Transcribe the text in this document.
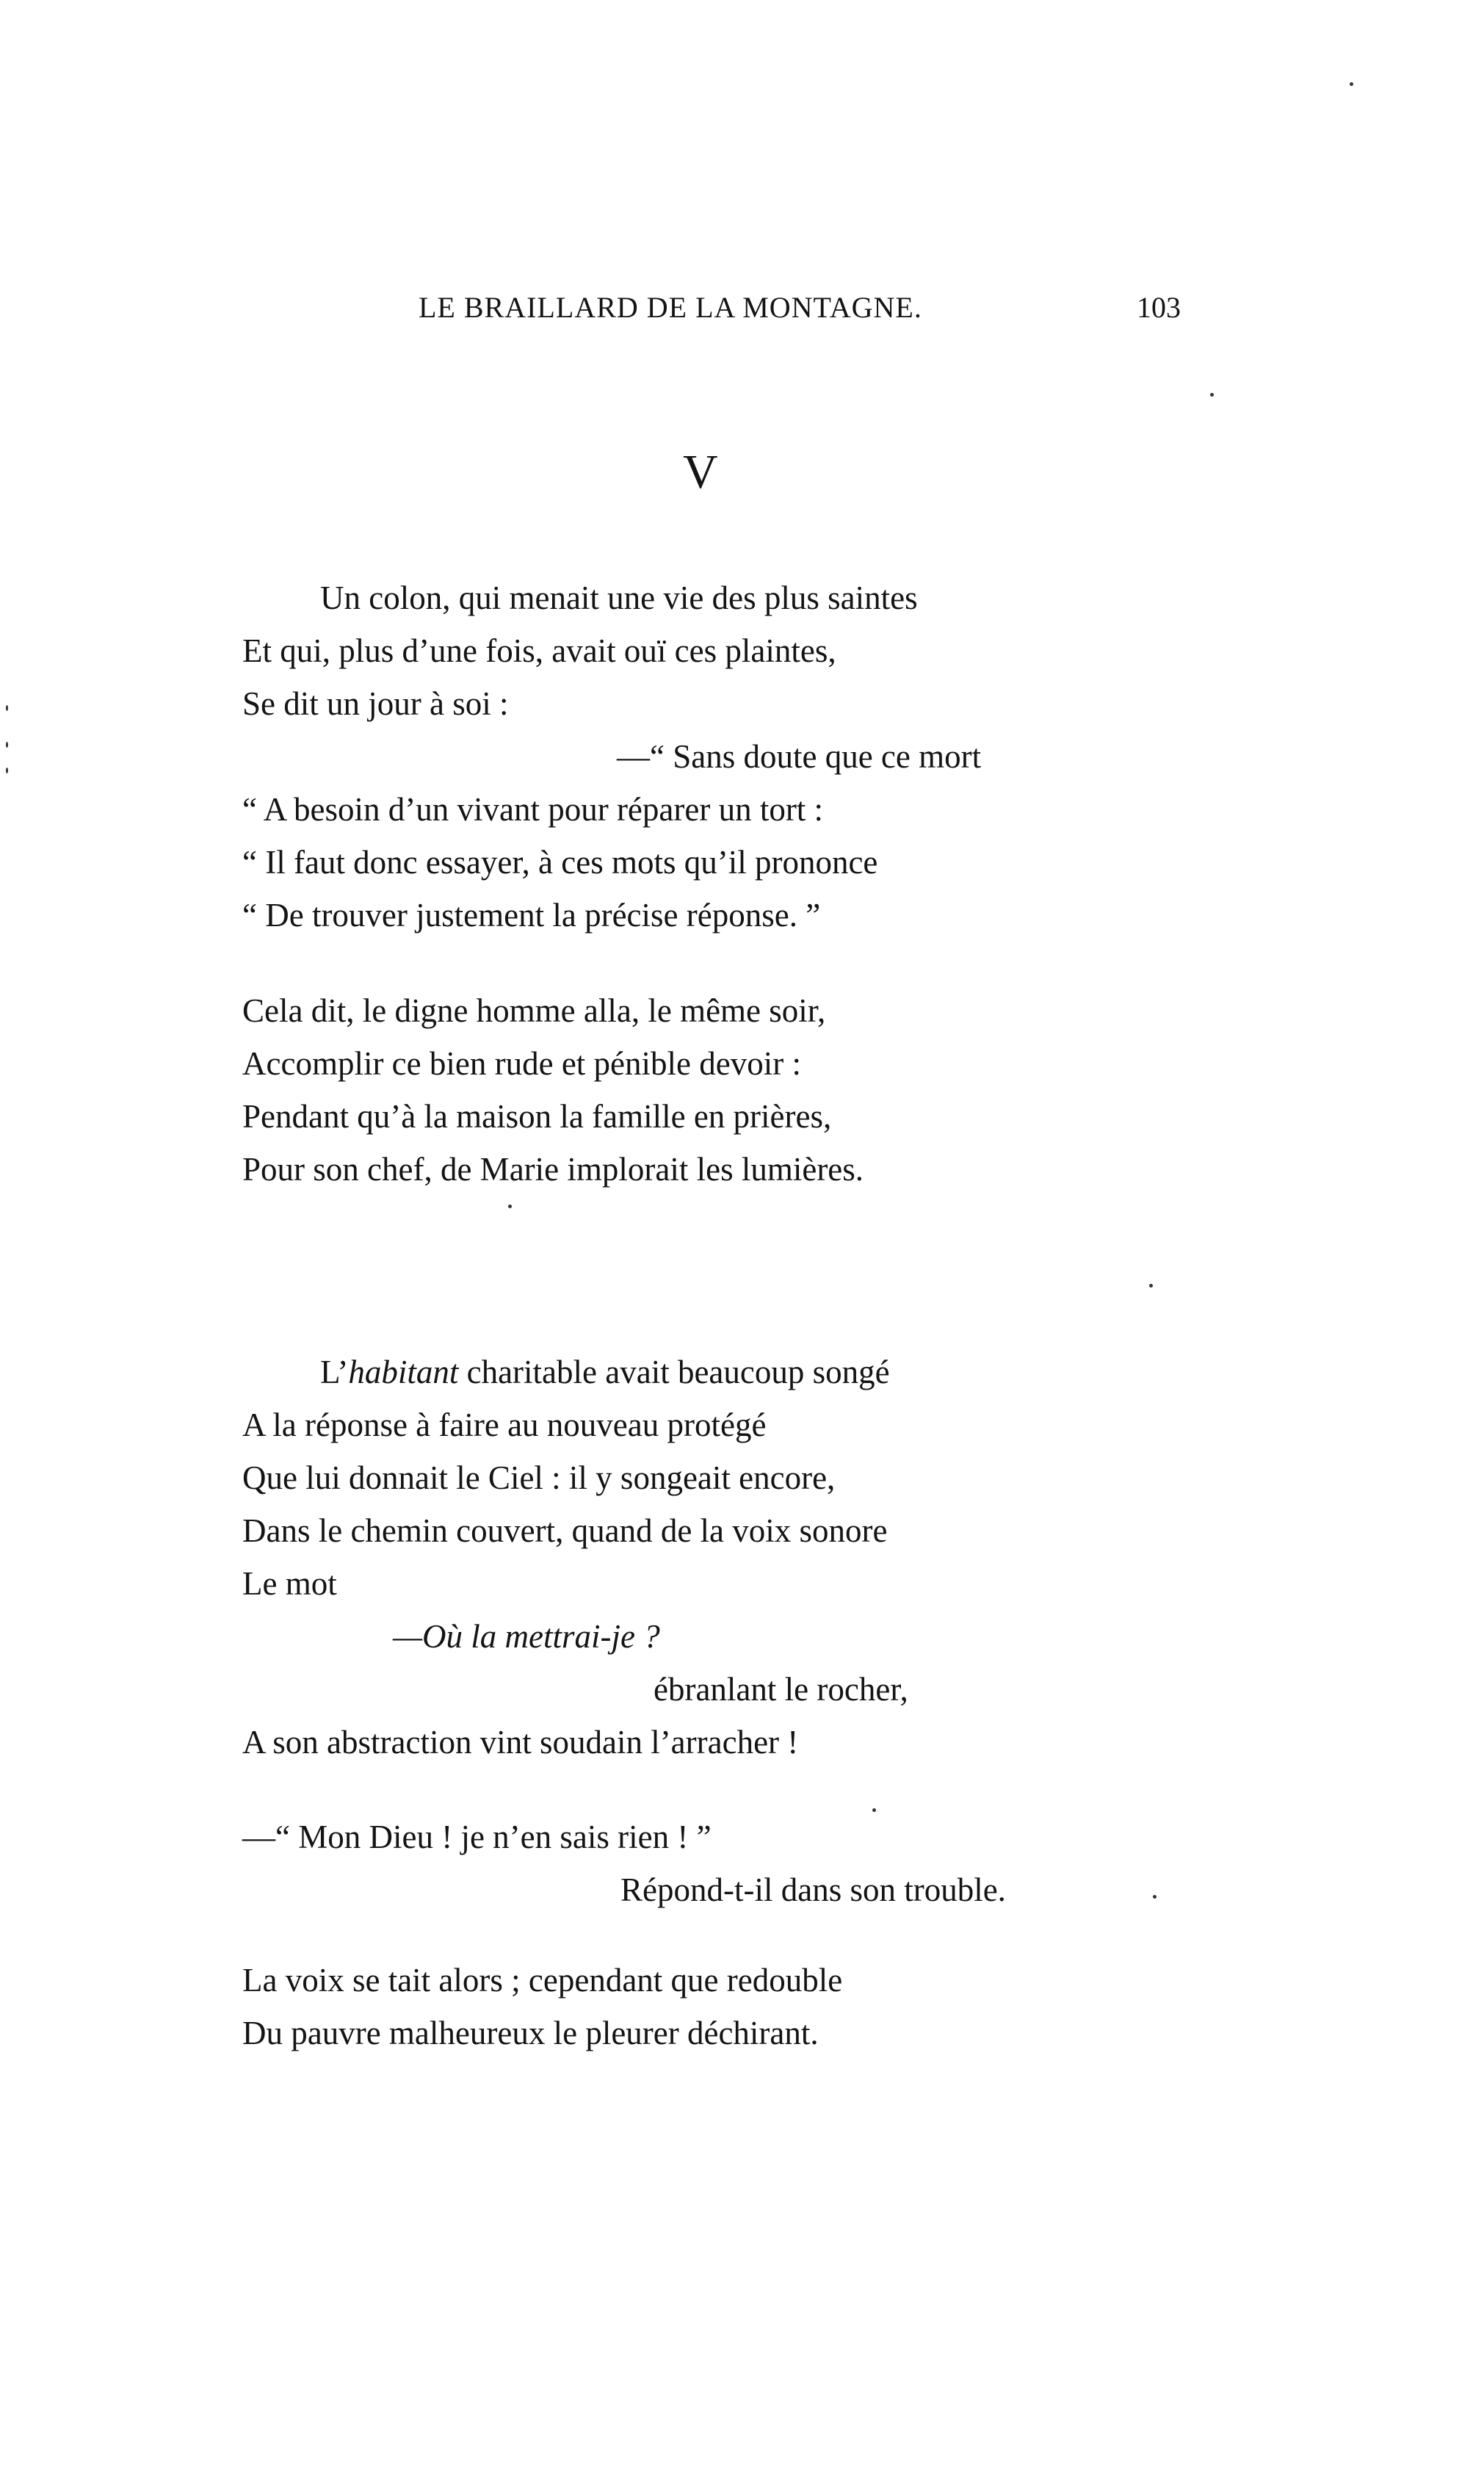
LE BRAILLARD DE LA MONTAGNE.	103
V
Un colon, qui menait une vie des plus saintes
Et qui, plus d’une fois, avait ouï ces plaintes,
Se dit un jour à soi :
—“ Sans doute que ce mort
“ A besoin d’un vivant pour réparer un tort :
“ Il faut donc essayer, à ces mots qu’il prononce
“ De trouver justement la précise réponse. ”
Cela dit, le digne homme alla, le même soir,
Accomplir ce bien rude et pénible devoir :
Pendant qu’à la maison la famille en prières,
Pour son chef, de Marie implorait les lumières.
L’habitant charitable avait beaucoup songé
A la réponse à faire au nouveau protégé
Que lui donnait le Ciel : il y songeait encore,
Dans le chemin couvert, quand de la voix sonore
Le mot
—Où la mettrai-je ?
ébranlant le rocher,
A son abstraction vint soudain l’arracher !
—“ Mon Dieu ! je n’en sais rien ! ”
Répond-t-il dans son trouble.
La voix se tait alors ; cependant que redouble
Du pauvre malheureux le pleurer déchirant.
